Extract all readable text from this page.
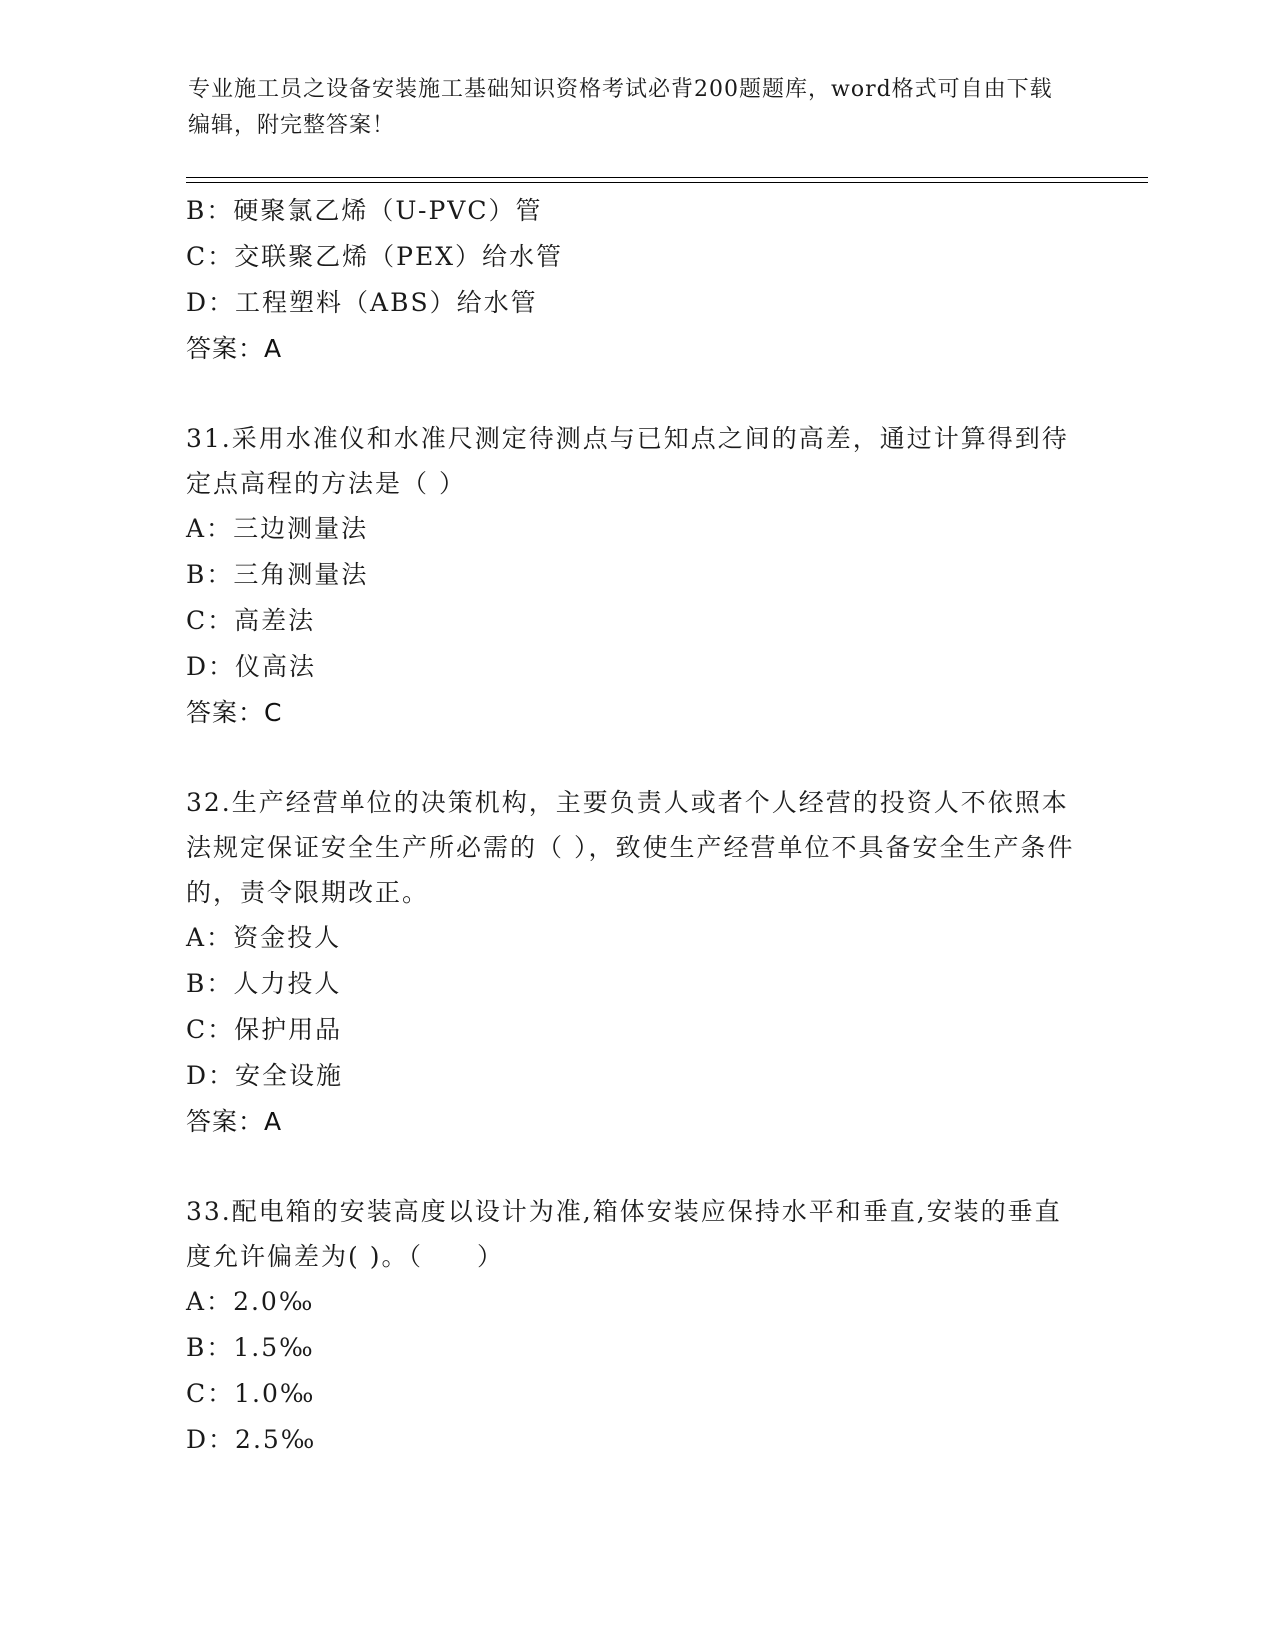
专业施工员之设备安装施工基础知识资格考试必背200题题库，word格式可自由下载编辑，附完整答案！
B：硬聚氯乙烯（U-PVC）管
C：交联聚乙烯（PEX）给水管
D：工程塑料（ABS）给水管
答案：A
31.采用水准仪和水准尺测定待测点与已知点之间的高差，通过计算得到待定点高程的方法是（ ）
A：三边测量法
B：三角测量法
C：高差法
D：仪高法
答案：C
32.生产经营单位的决策机构，主要负责人或者个人经营的投资人不依照本法规定保证安全生产所必需的（ ），致使生产经营单位不具备安全生产条件的，责令限期改正。
A：资金投人
B：人力投人
C：保护用品
D：安全设施
答案：A
33.配电箱的安装高度以设计为准,箱体安装应保持水平和垂直,安装的垂直度允许偏差为( )。（　　）
A：2.0‰
B：1.5‰
C：1.0‰
D：2.5‰
